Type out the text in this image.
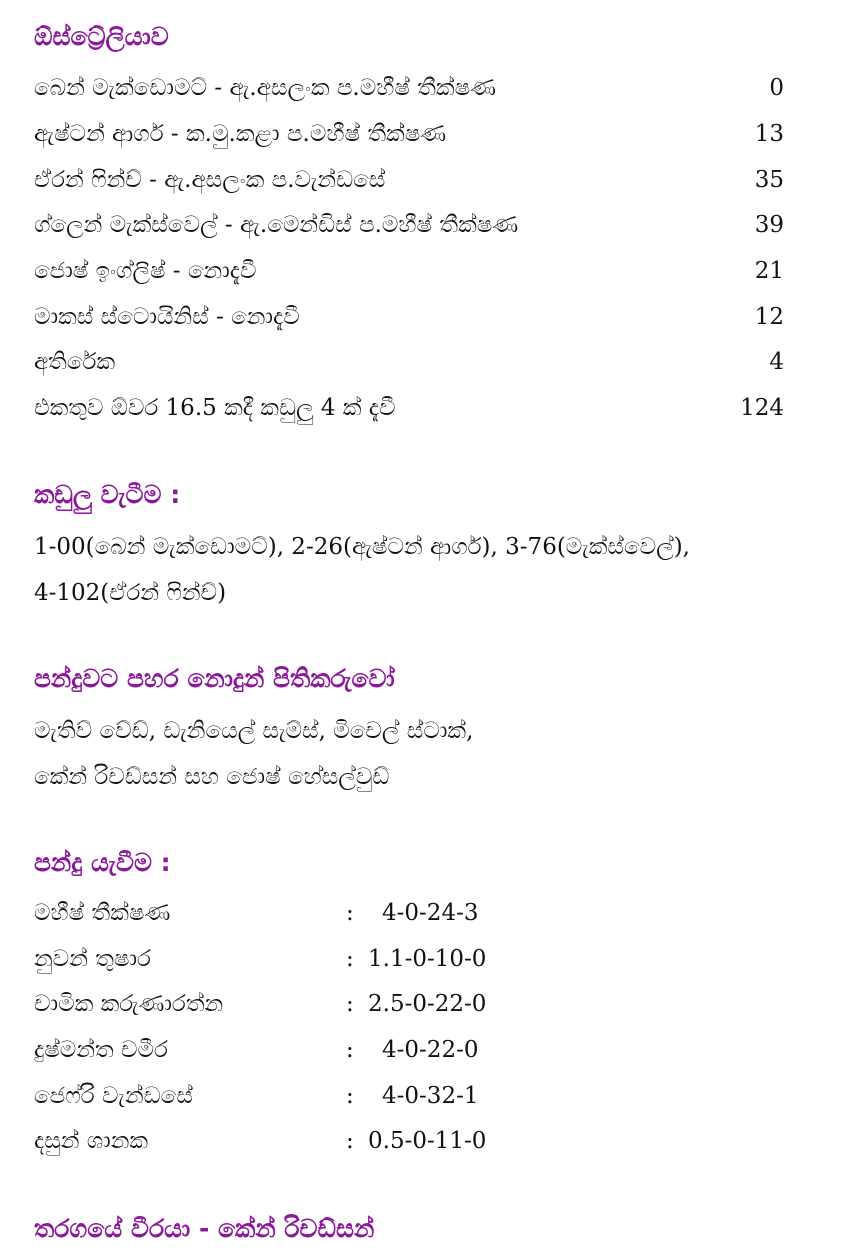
ඕස්ට්‍රේලියාව
බෙන් මැක්ඩොමට් - ඇ.අසලංක ප.මහීෂ් තීක්ෂණ	0
ඇෂ්ටන් ආගර් - ක.මු.කළා ප.මහීෂ් තීක්ෂණ	13
ඒරන් ෆින්ච් - ඇ.අසලංක ප.වැන්ඩසේ	35
ග්ලෙන් මැක්ස්වෙල් - ඇ.මෙන්ඩිස් ප.මහීෂ් තීක්ෂණ	39
ජොෂ් ඉංග්ලිෂ් - නොදැවී	21
මාකස් ස්ටොයිනිස් - නොදැවී	12
අතිරේක	4
එකතුව ඕවර 16.5 කදී කඩුලු 4 ක් දැවී	124
කඩුලු වැටීම :
1-00(බෙන් මැක්ඩොමට්), 2-26(ඇෂ්ටන් ආගර්), 3-76(මැක්ස්වෙල්),
4-102(ඒරන් ෆින්ච්)
පන්දුවට පහර නොදුන් පිතිකරුවෝ
මැතිව් වේඩ්, ඩැනියෙල් සැම්ස්, මිචෙල් ස්ටාක්,
කේන් රිචඩ්සන් සහ ජොෂ් හේසල්වුඩ්
පන්දු යැවීම :
මහීෂ් තීක්ෂණ	: 4-0-24-3
නුවන් තුෂාර	: 1.1-0-10-0
චාමික කරුණාරත්න	: 2.5-0-22-0
දුෂ්මන්ත චමීර	: 4-0-22-0
ජෙෆ්රි වැන්ඩසේ	: 4-0-32-1
දසුන් ශානක	: 0.5-0-11-0
තරගයේ වීරයා - කේන් රිචඩ්සන්
